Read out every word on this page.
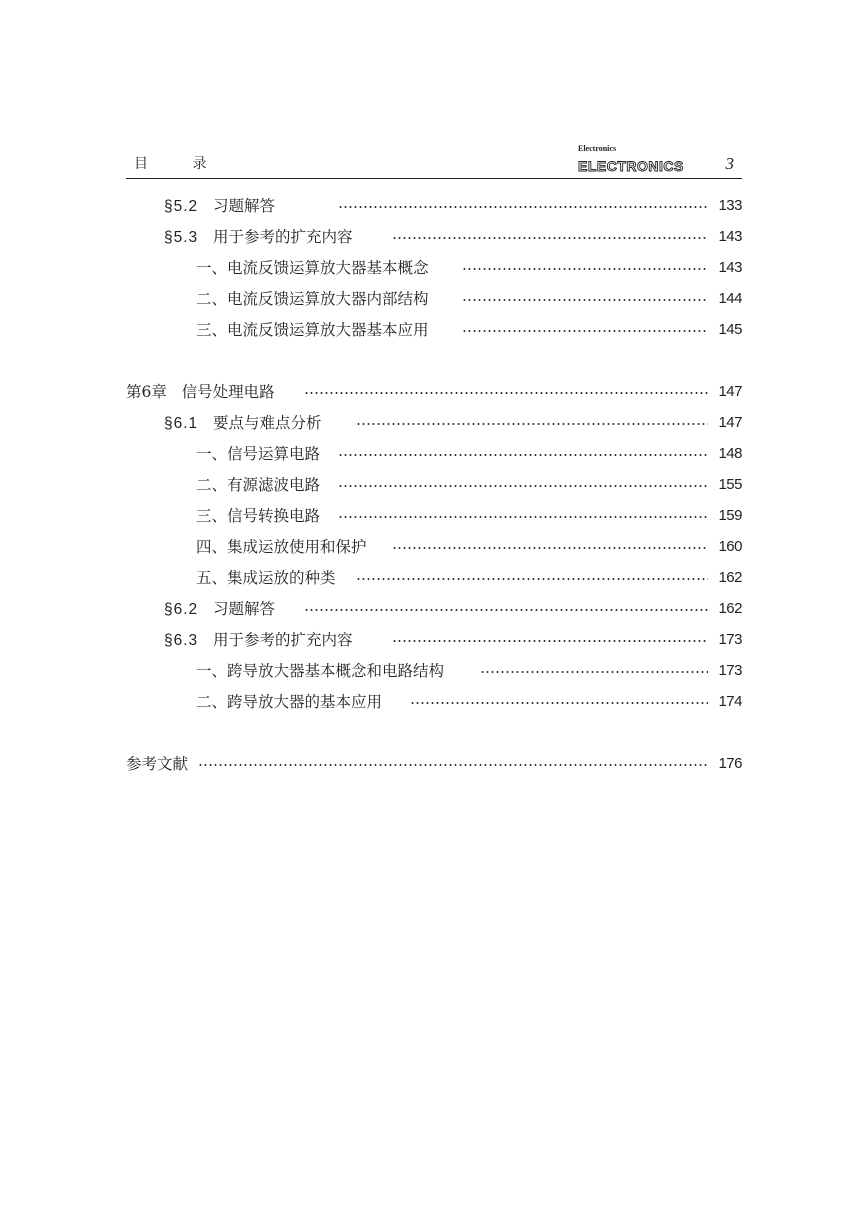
目 录
Electronics
ELECTRONICS 3
§5.2 习题解答	133
§5.3 用于参考的扩充内容	143
一、电流反馈运算放大器基本概念	143
二、电流反馈运算放大器内部结构	144
三、电流反馈运算放大器基本应用	145
第6章 信号处理电路	147
§6.1 要点与难点分析	147
一、信号运算电路	148
二、有源滤波电路	155
三、信号转换电路	159
四、集成运放使用和保护	160
五、集成运放的种类	162
§6.2 习题解答	162
§6.3 用于参考的扩充内容	173
一、跨导放大器基本概念和电路结构	173
二、跨导放大器的基本应用	174
参考文献	176
